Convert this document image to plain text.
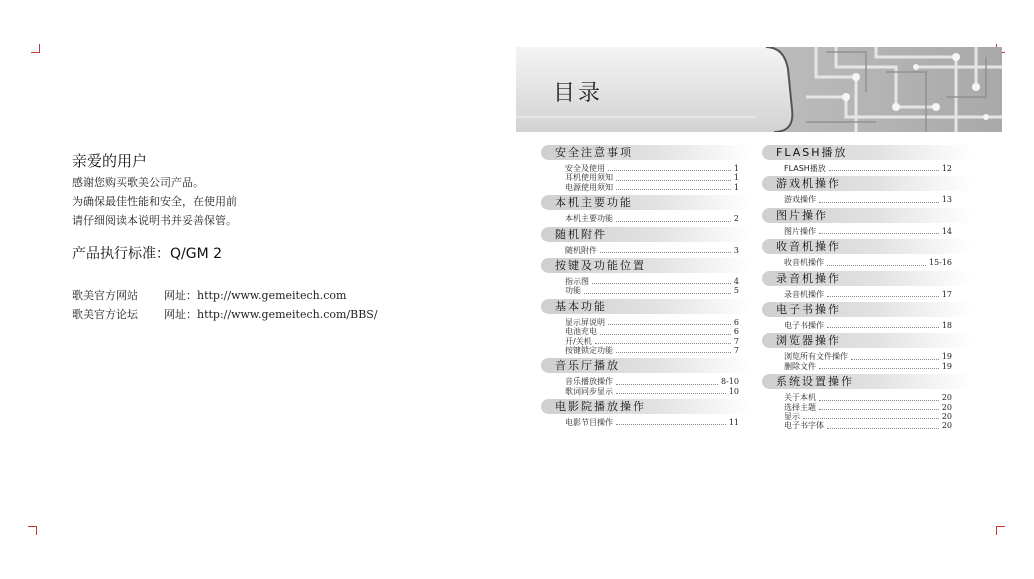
亲爱的用户
感谢您购买歌美公司产品。
为确保最佳性能和安全，在使用前
请仔细阅读本说明书并妥善保管。
产品执行标准：Q/GM 2
歌美官方网站 网址：http://www.gemeitech.com
歌美官方论坛 网址：http://www.gemeitech.com/BBS/
目录
安全注意事项
安全及使用	1
耳机使用须知	1
电源使用须知	1
本机主要功能
本机主要功能	2
随机附件
随机附件	3
按键及功能位置
指示图	4
功能	5
基本功能
显示屏说明	6
电池充电	6
开/关机	7
按键锁定功能	7
音乐厅播放
音乐播放操作	8-10
歌词同步显示	10
电影院播放操作
电影节目操作	11
FLASH播放
FLASH播放	12
游戏机操作
游戏操作	13
图片操作
图片操作	14
收音机操作
收音机操作	15-16
录音机操作
录音机操作	17
电子书操作
电子书操作	18
浏览器操作
浏览所有文件操作	19
删除文件	19
系统设置操作
关于本机	20
选择主题	20
显示	20
电子书字体	20
